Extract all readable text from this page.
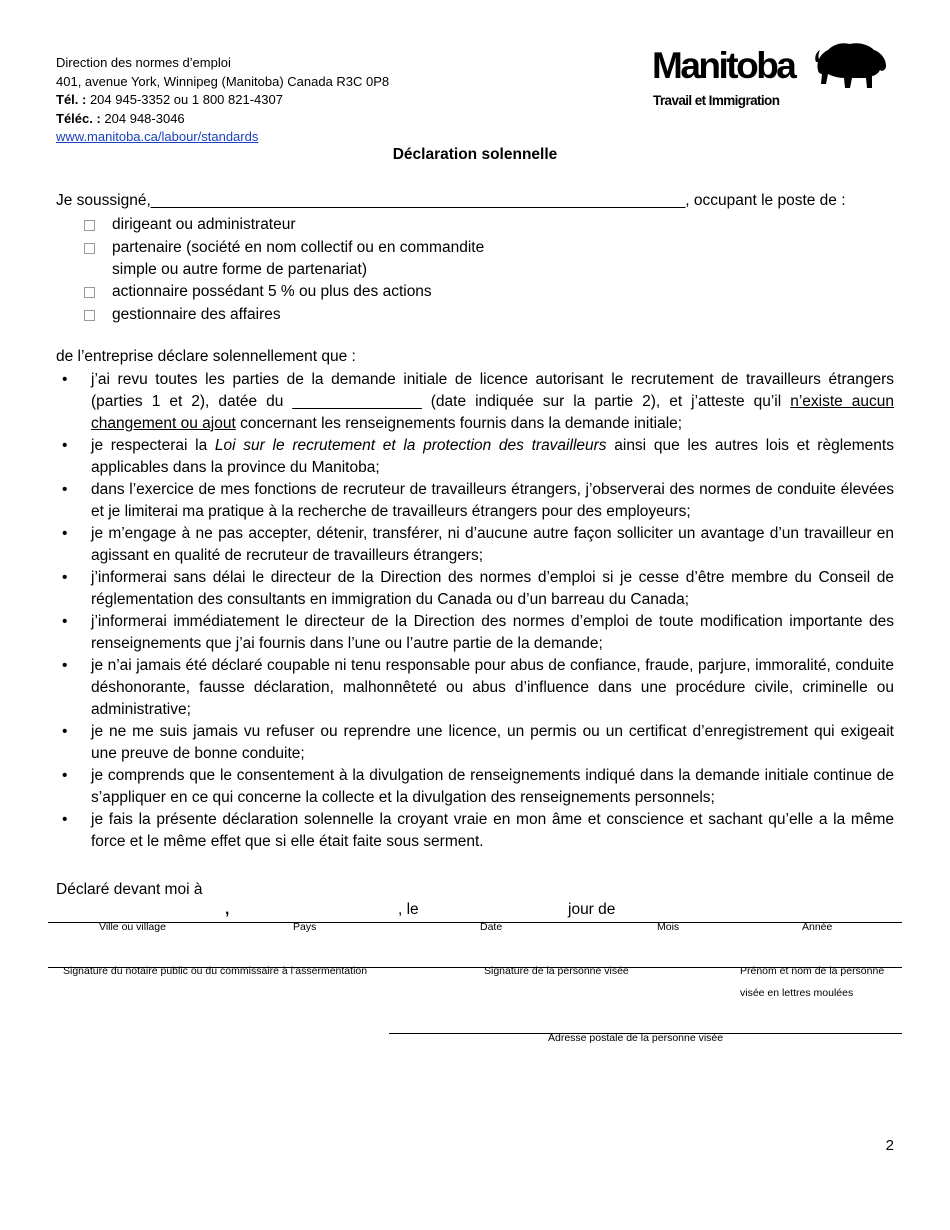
Direction des normes d’emploi
401, avenue York, Winnipeg (Manitoba) Canada R3C 0P8
Tél. : 204 945-3352 ou 1 800 821-4307
Téléc. : 204 948-3046
www.manitoba.ca/labour/standards
Manitoba
Travail et Immigration
Déclaration solennelle
Je soussigné,______________________________________________________________, occupant le poste de :
dirigeant ou administrateur
partenaire (société en nom collectif ou en commandite
simple ou autre forme de partenariat)
actionnaire possédant 5 % ou plus des actions
gestionnaire des affaires
de l’entreprise déclare solennellement que :
• j’ai revu toutes les parties de la demande initiale de licence autorisant le recrutement de travailleurs étrangers (parties 1 et 2), datée du _______________ (date indiquée sur la partie 2), et j’atteste qu’il n’existe aucun changement ou ajout concernant les renseignements fournis dans la demande initiale;
• je respecterai la Loi sur le recrutement et la protection des travailleurs ainsi que les autres lois et règlements applicables dans la province du Manitoba;
• dans l’exercice de mes fonctions de recruteur de travailleurs étrangers, j’observerai des normes de conduite élevées et je limiterai ma pratique à la recherche de travailleurs étrangers pour des employeurs;
• je m’engage à ne pas accepter, détenir, transférer, ni d’aucune autre façon solliciter un avantage d’un travailleur en agissant en qualité de recruteur de travailleurs étrangers;
• j’informerai sans délai le directeur de la Direction des normes d’emploi si je cesse d’être membre du Conseil de réglementation des consultants en immigration du Canada ou d’un barreau du Canada;
• j’informerai immédiatement le directeur de la Direction des normes d’emploi de toute modification importante des renseignements que j’ai fournis dans l’une ou l’autre partie de la demande;
• je n’ai jamais été déclaré coupable ni tenu responsable pour abus de confiance, fraude, parjure, immoralité, conduite déshonorante, fausse déclaration, malhonnêteté ou abus d’influence dans une procédure civile, criminelle ou administrative;
• je ne me suis jamais vu refuser ou reprendre une licence, un permis ou un certificat d’enregistrement qui exigeait une preuve de bonne conduite;
• je comprends que le consentement à la divulgation de renseignements indiqué dans la demande initiale continue de s’appliquer en ce qui concerne la collecte et la divulgation des renseignements personnels;
• je fais la présente déclaration solennelle la croyant vraie en mon âme et conscience et sachant qu’elle a la même force et le même effet que si elle était faite sous serment.
Déclaré devant moi à
,	, le	jour de
Ville ou village	Pays	Date	Mois	Année
Signature du notaire public ou du commissaire à l’assermentation	Signature de la personne visée	Prénom et nom de la personne
visée en lettres moulées
Adresse postale de la personne visée
2
